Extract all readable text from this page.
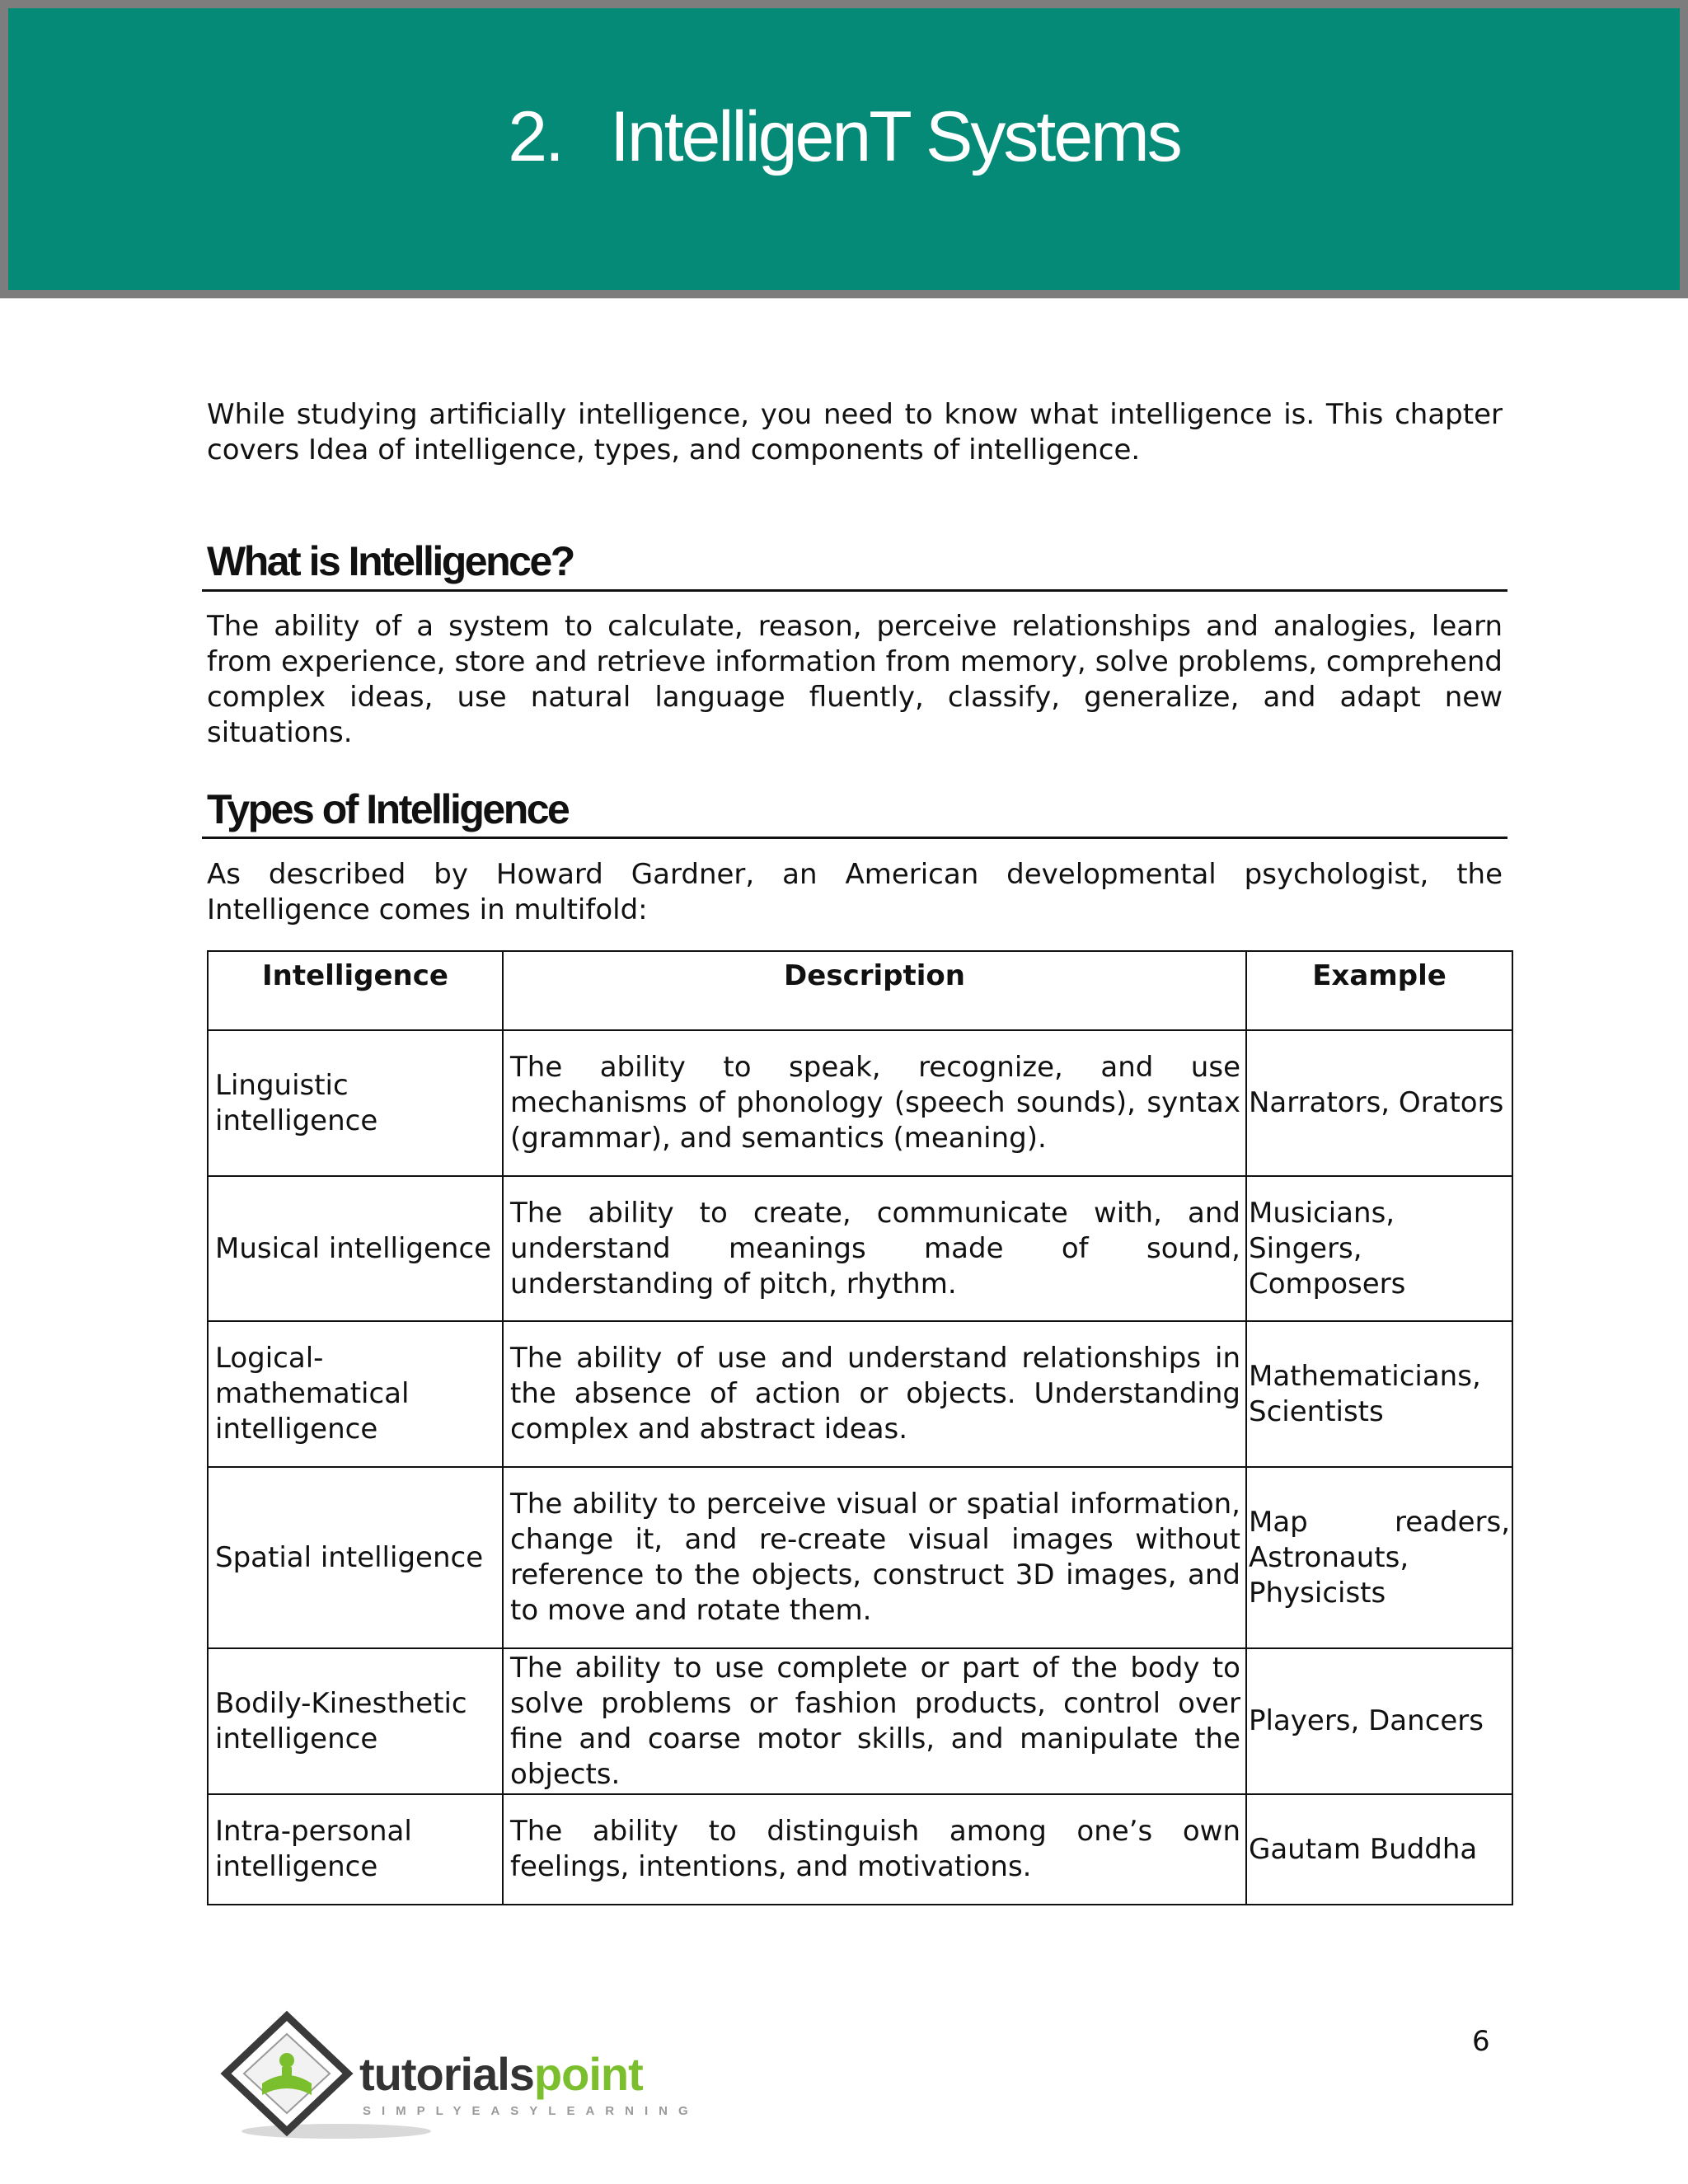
2. IntelligenT Systems

While studying artificially intelligence, you need to know what intelligence is. This chapter covers Idea of intelligence, types, and components of intelligence.

What is Intelligence?

The ability of a system to calculate, reason, perceive relationships and analogies, learn from experience, store and retrieve information from memory, solve problems, comprehend complex ideas, use natural language fluently, classify, generalize, and adapt new situations.

Types of Intelligence

As described by Howard Gardner, an American developmental psychologist, the Intelligence comes in multifold:

Intelligence	Description	Example
Linguistic intelligence	The ability to speak, recognize, and use mechanisms of phonology (speech sounds), syntax (grammar), and semantics (meaning).	Narrators, Orators
Musical intelligence	The ability to create, communicate with, and understand meanings made of sound, understanding of pitch, rhythm.	Musicians, Singers, Composers
Logical-mathematical intelligence	The ability of use and understand relationships in the absence of action or objects. Understanding complex and abstract ideas.	Mathematicians, Scientists
Spatial intelligence	The ability to perceive visual or spatial information, change it, and re-create visual images without reference to the objects, construct 3D images, and to move and rotate them.	Map readers, Astronauts, Physicists
Bodily-Kinesthetic intelligence	The ability to use complete or part of the body to solve problems or fashion products, control over fine and coarse motor skills, and manipulate the objects.	Players, Dancers
Intra-personal intelligence	The ability to distinguish among one’s own feelings, intentions, and motivations.	Gautam Buddha
tutorialspoint
SIMPLYEASYLEARNING
6
